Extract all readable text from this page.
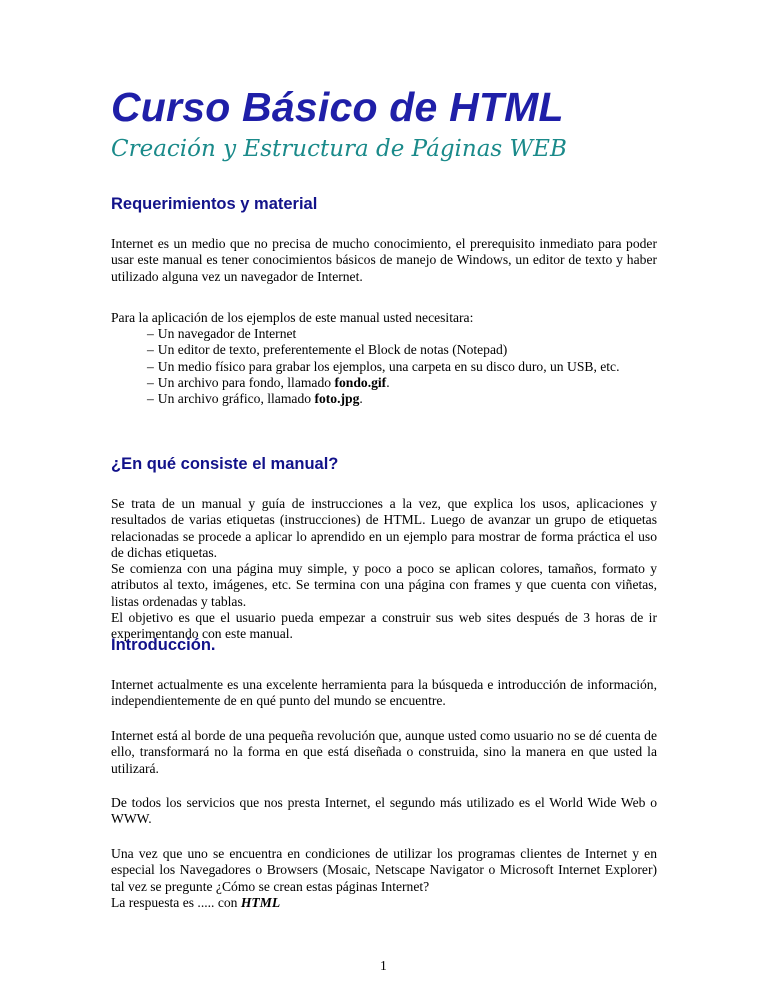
Curso Básico de HTML
Creación y Estructura de Páginas WEB
Requerimientos y material

Internet es un medio que no precisa de mucho conocimiento, el prerequisito inmediato para poder usar este manual es tener conocimientos básicos de manejo de Windows, un editor de texto y haber utilizado alguna vez un navegador de Internet.

Para la aplicación de los ejemplos de este manual usted necesitara:

– Un navegador de Internet
– Un editor de texto, preferentemente el Block de notas (Notepad)
– Un medio físico para grabar los ejemplos, una carpeta en su disco duro, un USB, etc.
– Un archivo para fondo, llamado fondo.gif.
– Un archivo gráfico, llamado foto.jpg.
¿En qué consiste el manual?
Se trata de un manual y guía de instrucciones a la vez, que explica los usos, aplicaciones y resultados de varias etiquetas (instrucciones) de HTML. Luego de avanzar un grupo de etiquetas relacionadas se procede a aplicar lo aprendido en un ejemplo para mostrar de forma práctica el uso de dichas etiquetas.
Se comienza con una página muy simple, y poco a poco se aplican colores, tamaños, formato y atributos al texto, imágenes, etc. Se termina con una página con frames y que cuenta con viñetas, listas ordenadas y tablas.
El objetivo es que el usuario pueda empezar a construir sus web sites después de 3 horas de ir experimentando con este manual.
Introducción.

Internet actualmente es una excelente herramienta para la búsqueda e introducción de información, independientemente de en qué punto del mundo se encuentre.

Internet está al borde de una pequeña revolución que, aunque usted como usuario no se dé cuenta de ello, transformará no la forma en que está diseñada o construida, sino la manera en que usted la utilizará.

De todos los servicios que nos presta Internet, el segundo más utilizado es el World Wide Web o WWW.

Una vez que uno se encuentra en condiciones de utilizar los programas clientes de Internet y en especial los Navegadores o Browsers (Mosaic, Netscape Navigator o Microsoft Internet Explorer) tal vez se pregunte ¿Cómo se crean estas páginas Internet?
La respuesta es ..... con HTML
1
